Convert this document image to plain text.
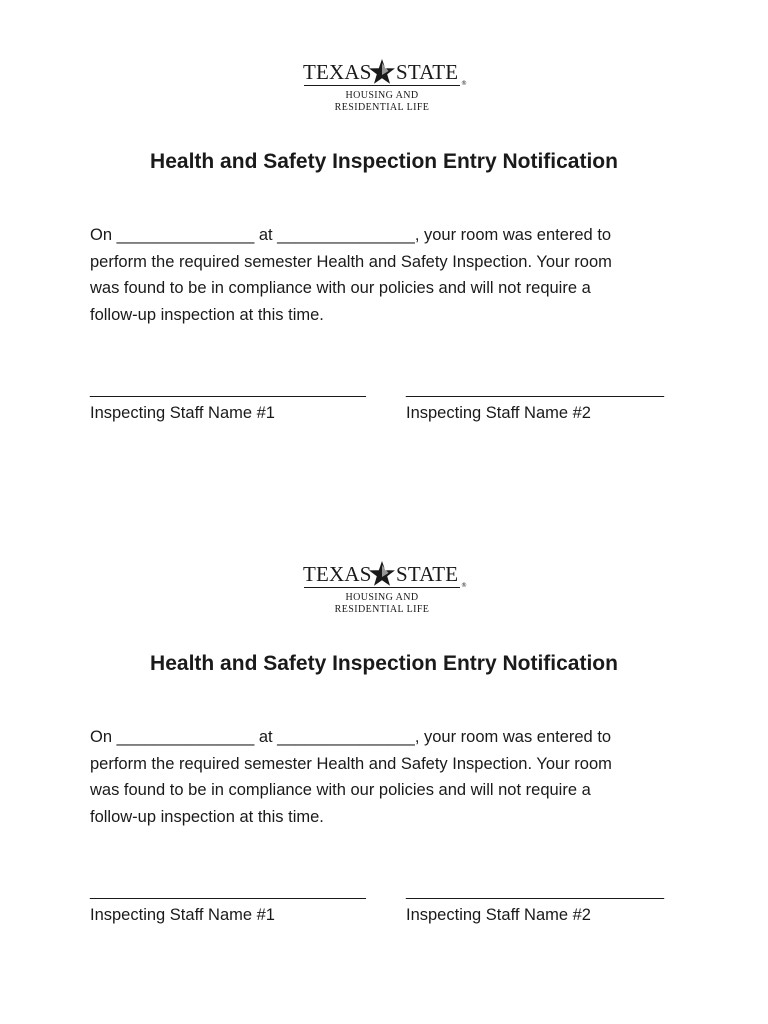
TEXAS STATE ®
HOUSING AND
RESIDENTIAL LIFE
Health and Safety Inspection Entry Notification
On _______________ at _______________, your room was entered to
perform the required semester Health and Safety Inspection. Your room
was found to be in compliance with our policies and will not require a
follow-up inspection at this time.
_______________________________	_____________________________
Inspecting Staff Name #1	Inspecting Staff Name #2
TEXAS STATE ®
HOUSING AND
RESIDENTIAL LIFE
Health and Safety Inspection Entry Notification
On _______________ at _______________, your room was entered to
perform the required semester Health and Safety Inspection. Your room
was found to be in compliance with our policies and will not require a
follow-up inspection at this time.
_______________________________	_____________________________
Inspecting Staff Name #1	Inspecting Staff Name #2
